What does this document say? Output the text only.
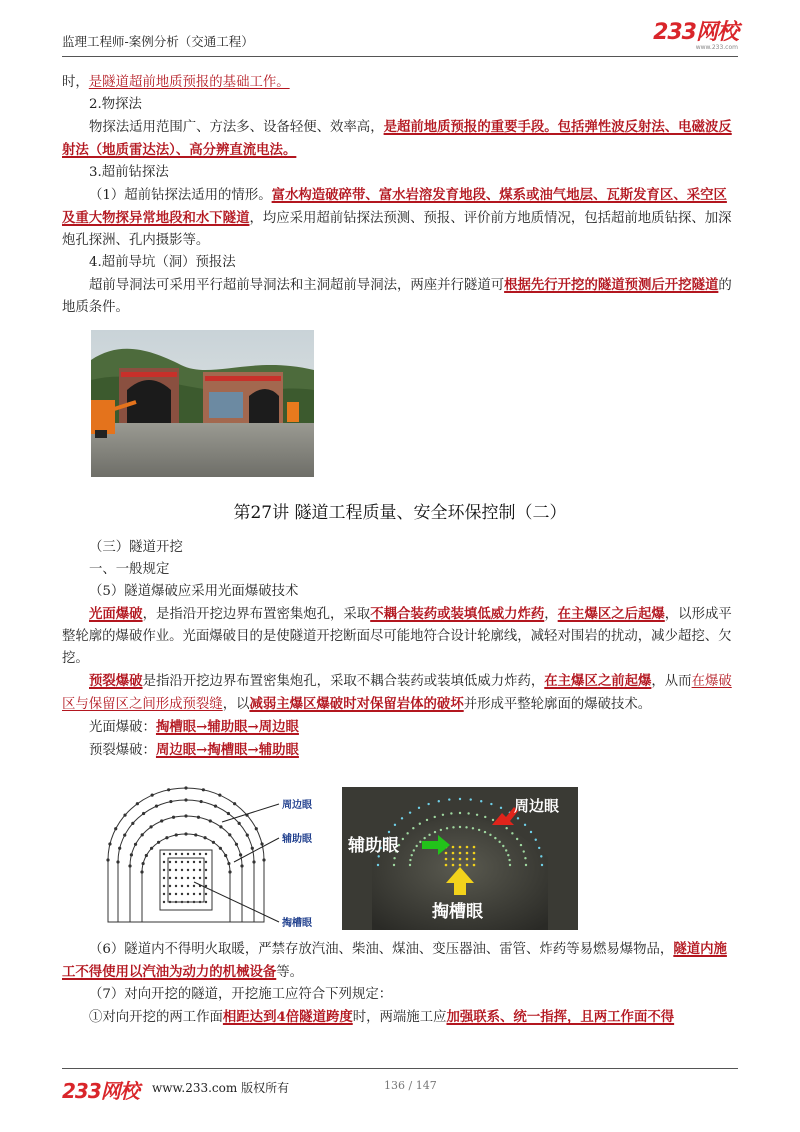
监理工程师-案例分析（交通工程）	233网校
www.233.com

时，是隧道超前地质预报的基础工作。

2.物探法

物探法适用范围广、方法多、设备轻便、效率高，是超前地质预报的重要手段。包括弹性波反射法、电磁波反射法（地质雷达法）、高分辨直流电法。

3.超前钻探法

（1）超前钻探法适用的情形。富水构造破碎带、富水岩溶发育地段、煤系或油气地层、瓦斯发育区、采空区及重大物探异常地段和水下隧道，均应采用超前钻探法预测、预报、评价前方地质情况，包括超前地质钻探、加深炮孔探洲、孔内摄影等。

4.超前导坑（洞）预报法

超前导洞法可采用平行超前导洞法和主洞超前导洞法，两座并行隧道可根据先行开挖的隧道预测后开挖隧道的地质条件。

第27讲 隧道工程质量、安全环保控制（二）

（三）隧道开挖

一、一般规定

（5）隧道爆破应采用光面爆破技术

光面爆破，是指沿开挖边界布置密集炮孔，采取不耦合装药或装填低威力炸药，在主爆区之后起爆，以形成平整轮廓的爆破作业。光面爆破目的是使隧道开挖断面尽可能地符合设计轮廓线，减轻对围岩的扰动，减少超挖、欠挖。

预裂爆破是指沿开挖边界布置密集炮孔，采取不耦合装药或装填低威力炸药，在主爆区之前起爆，从而在爆破区与保留区之间形成预裂缝，以减弱主爆区爆破时对保留岩体的破坏并形成平整轮廓面的爆破技术。

光面爆破：掏槽眼→辅助眼→周边眼

预裂爆破：周边眼→掏槽眼→辅助眼

周边眼
辅助眼
掏槽眼
周边眼
辅助眼
掏槽眼

（6）隧道内不得明火取暖，严禁存放汽油、柴油、煤油、变压器油、雷管、炸药等易燃易爆物品，隧道内施工不得使用以汽油为动力的机械设备等。

（7）对向开挖的隧道，开挖施工应符合下列规定：

①对向开挖的两工作面相距达到4倍隧道跨度时，两端施工应加强联系、统一指挥，且两工作面不得

233网校 www.233.com 版权所有	136 / 147
